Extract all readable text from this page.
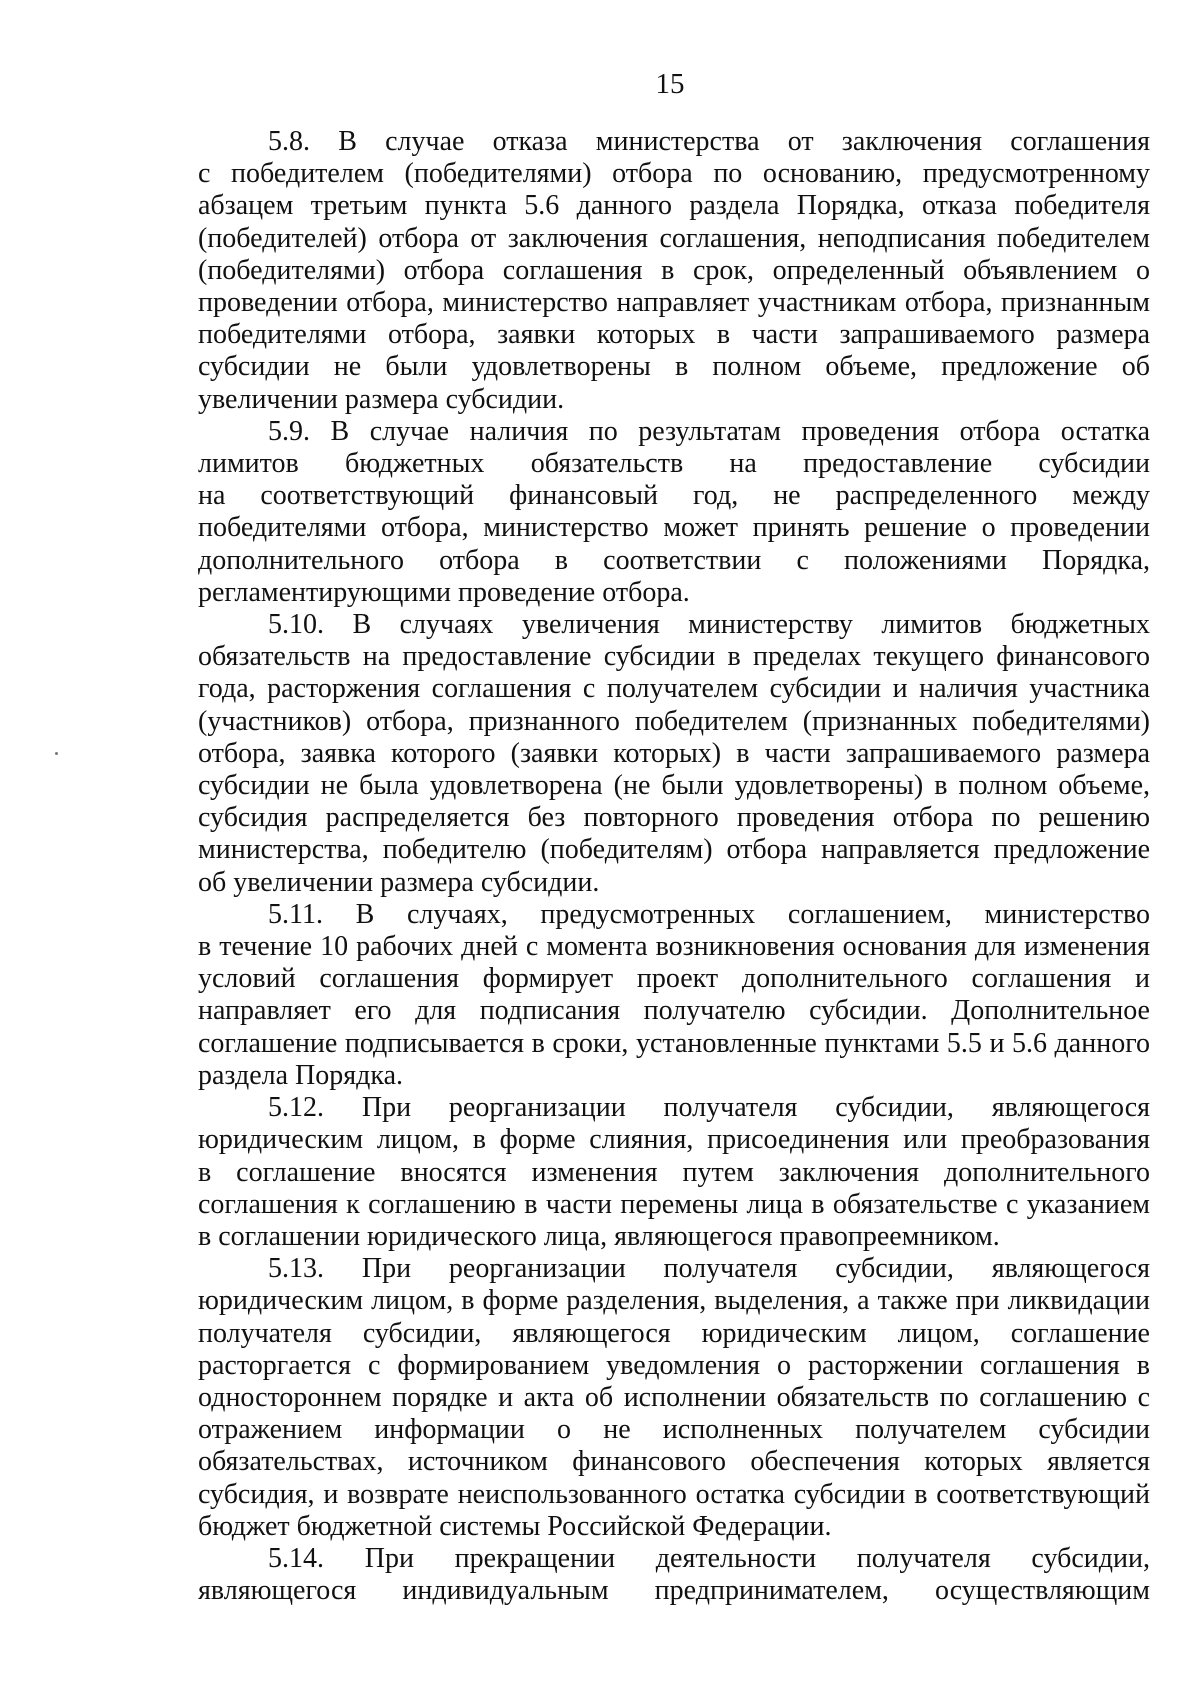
15
5.8. В случае отказа министерства от заключения соглашения
с победителем (победителями) отбора по основанию, предусмотренному
абзацем третьим пункта 5.6 данного раздела Порядка, отказа победителя
(победителей) отбора от заключения соглашения, неподписания победителем
(победителями) отбора соглашения в срок, определенный объявлением о
проведении отбора, министерство направляет участникам отбора, признанным
победителями отбора, заявки которых в части запрашиваемого размера
субсидии не были удовлетворены в полном объеме, предложение об
увеличении размера субсидии.
5.9. В случае наличия по результатам проведения отбора остатка
лимитов бюджетных обязательств на предоставление субсидии
на соответствующий финансовый год, не распределенного между
победителями отбора, министерство может принять решение о проведении
дополнительного отбора в соответствии с положениями Порядка,
регламентирующими проведение отбора.
5.10. В случаях увеличения министерству лимитов бюджетных
обязательств на предоставление субсидии в пределах текущего финансового
года, расторжения соглашения с получателем субсидии и наличия участника
(участников) отбора, признанного победителем (признанных победителями)
отбора, заявка которого (заявки которых) в части запрашиваемого размера
субсидии не была удовлетворена (не были удовлетворены) в полном объеме,
субсидия распределяется без повторного проведения отбора по решению
министерства, победителю (победителям) отбора направляется предложение
об увеличении размера субсидии.
5.11. В случаях, предусмотренных соглашением, министерство
в течение 10 рабочих дней с момента возникновения основания для изменения
условий соглашения формирует проект дополнительного соглашения и
направляет его для подписания получателю субсидии. Дополнительное
соглашение подписывается в сроки, установленные пунктами 5.5 и 5.6 данного
раздела Порядка.
5.12. При реорганизации получателя субсидии, являющегося
юридическим лицом, в форме слияния, присоединения или преобразования
в соглашение вносятся изменения путем заключения дополнительного
соглашения к соглашению в части перемены лица в обязательстве с указанием
в соглашении юридического лица, являющегося правопреемником.
5.13. При реорганизации получателя субсидии, являющегося
юридическим лицом, в форме разделения, выделения, а также при ликвидации
получателя субсидии, являющегося юридическим лицом, соглашение
расторгается с формированием уведомления о расторжении соглашения в
одностороннем порядке и акта об исполнении обязательств по соглашению с
отражением информации о не исполненных получателем субсидии
обязательствах, источником финансового обеспечения которых является
субсидия, и возврате неиспользованного остатка субсидии в соответствующий
бюджет бюджетной системы Российской Федерации.
5.14. При прекращении деятельности получателя субсидии,
являющегося индивидуальным предпринимателем, осуществляющим
